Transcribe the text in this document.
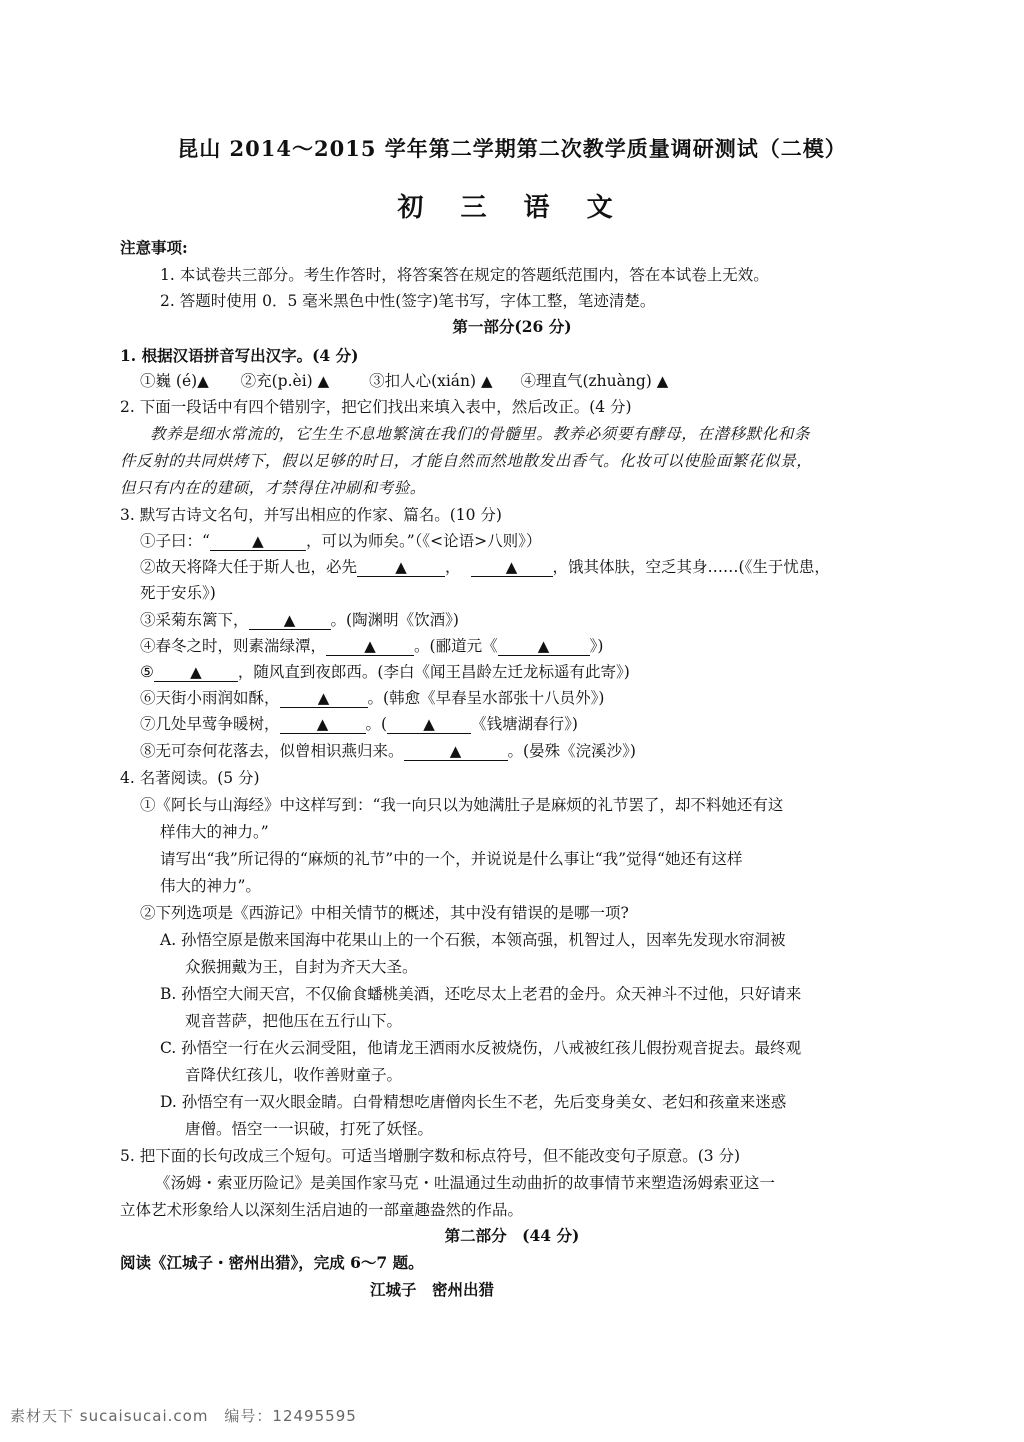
昆山 2014～2015 学年第二学期第二次教学质量调研测试（二模）
初 三 语 文
注意事项:
1. 本试卷共三部分。考生作答时，将答案答在规定的答题纸范围内，答在本试卷上无效。
2. 答题时使用 0．5 毫米黑色中性(签字)笔书写，字体工整，笔迹清楚。
第一部分(26 分)
1. 根据汉语拼音写出汉字。(4 分)
①巍 (é)▲ ②充(p.èi) ▲	③扣人心(xián) ▲ ④理直气(zhuàng) ▲
2. 下面一段话中有四个错别字，把它们找出来填入表中，然后改正。(4 分)
教养是细水常流的，它生生不息地繁演在我们的骨髓里。教养必须要有酵母，在潜移默化和条
件反射的共同烘烤下，假以足够的时日，才能自然而然地散发出香气。化妆可以使脸面繁花似景，
但只有内在的建硕，才禁得住冲刷和考验。
3. 默写古诗文名句，并写出相应的作家、篇名。(10 分)
①子曰：“	▲	，可以为师矣。”（《<论语>八则》）
②故天将降大任于斯人也，必先	▲ ，	▲ ，饿其体肤，空乏其身……(《生于忧患，
死于安乐》)
③采菊东篱下， ▲ 。(陶渊明《饮酒》)
④春冬之时，则素湍绿潭，	▲ 。(郦道元《	▲	》)
⑤ ▲ ，随风直到夜郎西。(李白《闻王昌龄左迁龙标遥有此寄》)
⑥天街小雨润如酥，	▲ 。(韩愈《早春呈水部张十八员外》)
⑦几处早莺争暖树， ▲ 。( ▲ 《钱塘湖春行》)
⑧无可奈何花落去，似曾相识燕归来。	▲	。(晏殊《浣溪沙》)
4. 名著阅读。(5 分)
①《阿长与山海经》中这样写到：“我一向只以为她满肚子是麻烦的礼节罢了，却不料她还有这
样伟大的神力。”
请写出“我”所记得的“麻烦的礼节”中的一个，并说说是什么事让“我”觉得“她还有这样
伟大的神力”。
②下列选项是《西游记》中相关情节的概述，其中没有错误的是哪一项?
A. 孙悟空原是傲来国海中花果山上的一个石猴，本领高强，机智过人，因率先发现水帘洞被
众猴拥戴为王，自封为齐天大圣。
B. 孙悟空大闹天宫，不仅偷食蟠桃美酒，还吃尽太上老君的金丹。众天神斗不过他，只好请来
观音菩萨，把他压在五行山下。
C. 孙悟空一行在火云洞受阻，他请龙王洒雨水反被烧伤，八戒被红孩儿假扮观音捉去。最终观
音降伏红孩儿，收作善财童子。
D. 孙悟空有一双火眼金睛。白骨精想吃唐僧肉长生不老，先后变身美女、老妇和孩童来迷惑
唐僧。悟空一一识破，打死了妖怪。
5. 把下面的长句改成三个短句。可适当增删字数和标点符号，但不能改变句子原意。(3 分)
《汤姆・索亚历险记》是美国作家马克・吐温通过生动曲折的故事情节来塑造汤姆索亚这一
立体艺术形象给人以深刻生活启迪的一部童趣盎然的作品。
第二部分　(44 分)
阅读《江城子・密州出猎》，完成 6～7 题。
江城子　密州出猎
素材天下 sucaisucai.com　编号：12495595
